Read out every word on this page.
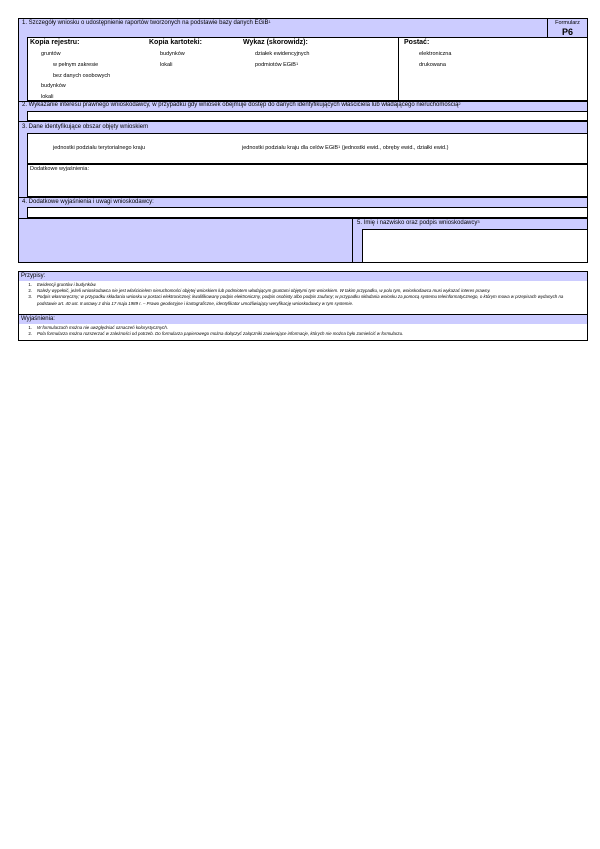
1. Szczegóły wniosku o udostępnienie raportów tworzonych na podstawie bazy danych EGiB$^1$	Formularz
P6
Kopia rejestru:
gruntów
w pełnym zakresie
bez danych osobowych
budynków
lokali
Kopia kartoteki:
budynków
lokali
Wykaz (skorowidz):
działek ewidencyjnych
podmiotów EGiB$^1$
Postać:
elektroniczna
drukowana
2. Wykazanie interesu prawnego wnioskodawcy, w przypadku gdy wniosek obejmuje dostęp do danych identyfikujących właściciela lub władającego nieruchomością$^2$
3. Dane identyfikujące obszar objęty wnioskiem
jednostki podziału terytorialnego kraju	jednostki podziału kraju dla celów EGiB$^1$ (jednostki ewid., obręby ewid., działki ewid.)
Dodatkowe wyjaśnienia:
4. Dodatkowe wyjaśnienia i uwagi wnioskodawcy:
5. Imię i nazwisko oraz podpis wnioskodawcy$^3$
Przypisy:
1.	Ewidencji gruntów i budynków.
2.	Należy wypełnić, jeżeli wnioskodawca nie jest właścicielem nieruchomości objętej wnioskiem lub podmiotem władającym gruntami objętymi tym wnioskiem. W takim przypadku, w polu tym, wnioskodawca musi wykazać interes prawny.
3.	Podpis własnoręczny; w przypadku składania wniosku w postaci elektronicznej: kwalifikowany podpis elektroniczny, podpis osobisty albo podpis zaufany; w przypadku składania wniosku za pomocą systemu teleinformatycznego, o którym mowa w przepisach wydanych na podstawie art. 40 ust. 8 ustawy z dnia 17 maja 1989 r. – Prawo geodezyjne i kartograficzne, identyfikator umożliwiający weryfikację wnioskodawcy w tym systemie.
Wyjaśnienia:
1.	W formularzach można nie uwzględniać oznaczeń kolorystycznych.
2.	Pola formularza można rozszerzać w zależności od potrzeb. Do formularza papierowego można dołączyć załączniki zawierające informacje, których nie można było zamieścić w formularzu.
